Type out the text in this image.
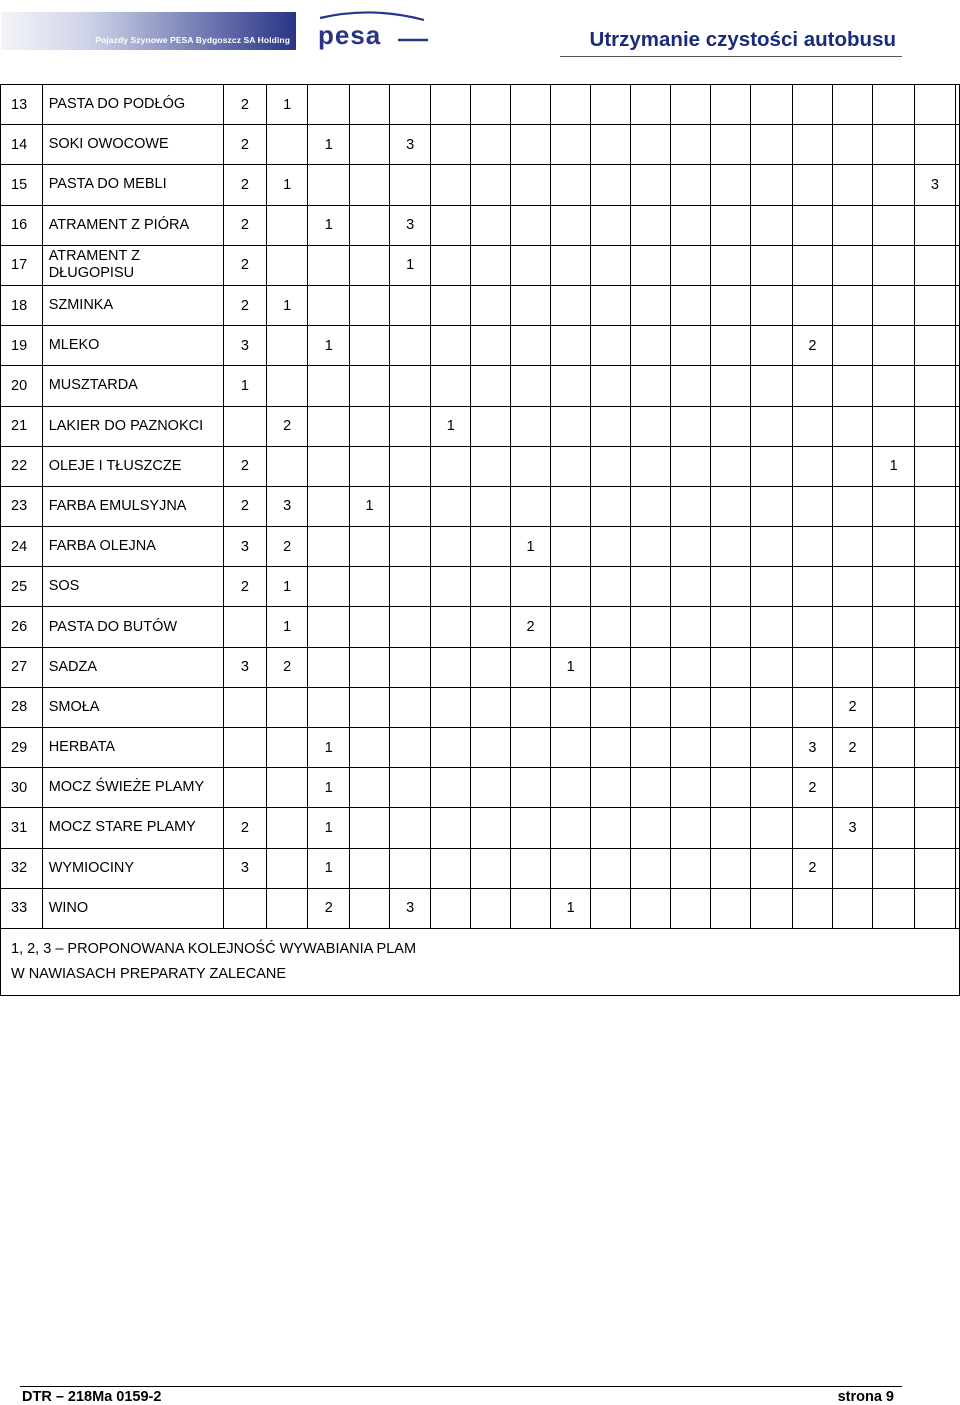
Pojazdy Szynowe PESA Bydgoszcz SA Holding pesa	Utrzymanie czystości autobusu
13	PASTA DO PODŁÓG	2	1																	
14	SOKI OWOCOWE	2		1		3														
15	PASTA DO MEBLI	2	1																3	
16	ATRAMENT Z PIÓRA	2		1		3														
17	ATRAMENT Z DŁUGOPISU	2				1														
18	SZMINKA	2	1																	
19	MLEKO	3		1												2				
20	MUSZTARDA	1																		
21	LAKIER DO PAZNOKCI		2				1													
22	OLEJE I TŁUSZCZE	2																1		
23	FARBA EMULSYJNA	2	3		1															
24	FARBA OLEJNA	3	2						1											
25	SOS	2	1																	
26	PASTA DO BUTÓW		1						2											
27	SADZA	3	2							1										
28	SMOŁA																2			
29	HERBATA			1												3	2			
30	MOCZ ŚWIEŻE PLAMY			1												2				
31	MOCZ STARE PLAMY	2		1													3			
32	WYMIOCINY	3		1												2				
33	WINO			2		3				1										

1, 2, 3 – PROPONOWANA KOLEJNOŚĆ WYWABIANIA PLAM
W NAWIASACH PREPARATY ZALECANE																				
DTR – 218Ma 0159-2	strona 9
